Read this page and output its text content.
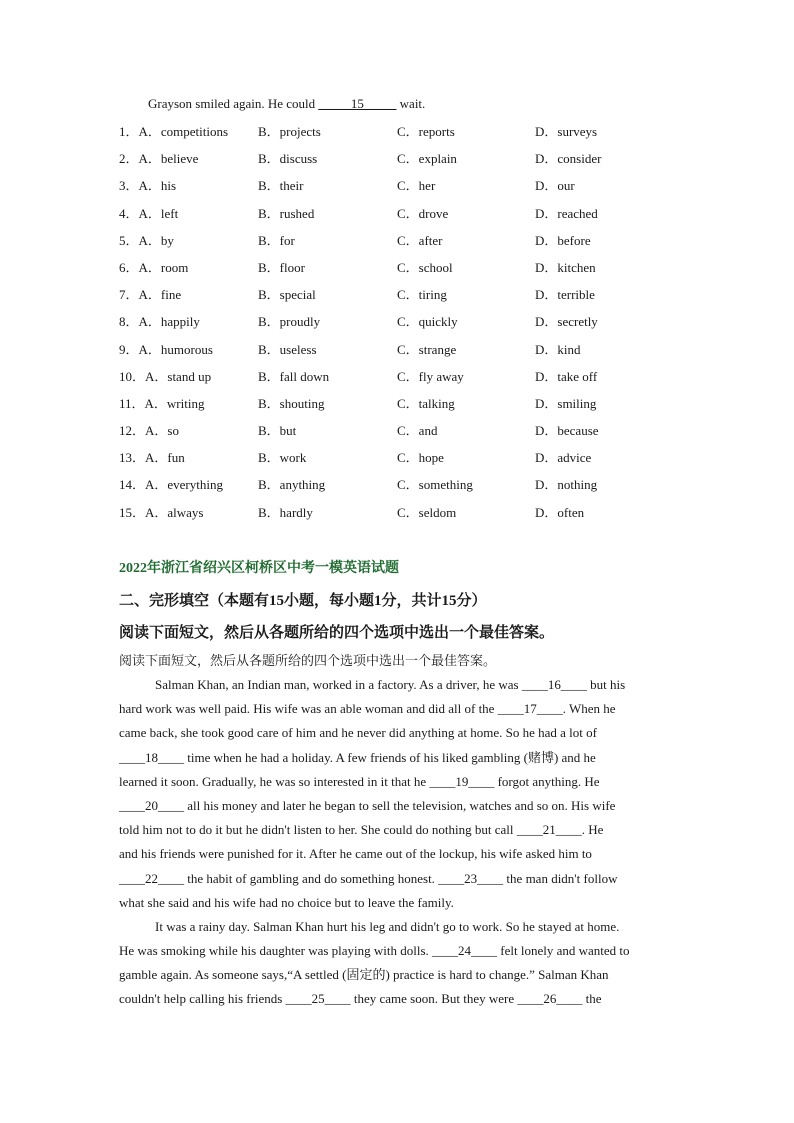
Grayson smiled again. He could _____15_____ wait.
1．A．competitions B．projects	C．reports	D．surveys
2．A．believe	B．discuss	C．explain	D．consider
3．A．his	B．their	C．her	D．our
4．A．left	B．rushed	C．drove	D．reached
5．A．by	B．for	C．after	D．before
6．A．room	B．floor	C．school	D．kitchen
7．A．fine	B．special	C．tiring	D．terrible
8．A．happily	B．proudly	C．quickly	D．secretly
9．A．humorous	B．useless	C．strange	D．kind
10．A．stand up	B．fall down	C．fly away	D．take off
11．A．writing	B．shouting	C．talking	D．smiling
12．A．so	B．but	C．and	D．because
13．A．fun	B．work	C．hope	D．advice
14．A．everything	B．anything	C．something	D．nothing
15．A．always	B．hardly	C．seldom	D．often
2022年浙江省绍兴区柯桥区中考一模英语试题
二、完形填空（本题有15小题，每小题1分，共计15分）
阅读下面短文，然后从各题所给的四个选项中选出一个最佳答案。
阅读下面短文，然后从各题所给的四个选项中选出一个最佳答案。
Salman Khan, an Indian man, worked in a factory. As a driver, he was ____16____ but his
hard work was well paid. His wife was an able woman and did all of the ____17____. When he
came back, she took good care of him and he never did anything at home. So he had a lot of
____18____ time when he had a holiday. A few friends of his liked gambling (赌博) and he
learned it soon. Gradually, he was so interested in it that he ____19____ forgot anything. He
____20____ all his money and later he began to sell the television, watches and so on. His wife
told him not to do it but he didn't listen to her. She could do nothing but call ____21____. He
and his friends were punished for it. After he came out of the lockup, his wife asked him to
____22____ the habit of gambling and do something honest. ____23____ the man didn't follow
what she said and his wife had no choice but to leave the family.
It was a rainy day. Salman Khan hurt his leg and didn't go to work. So he stayed at home.
He was smoking while his daughter was playing with dolls. ____24____ felt lonely and wanted to
gamble again. As someone says,“A settled (固定的) practice is hard to change.” Salman Khan
couldn't help calling his friends ____25____ they came soon. But they were ____26____ the
